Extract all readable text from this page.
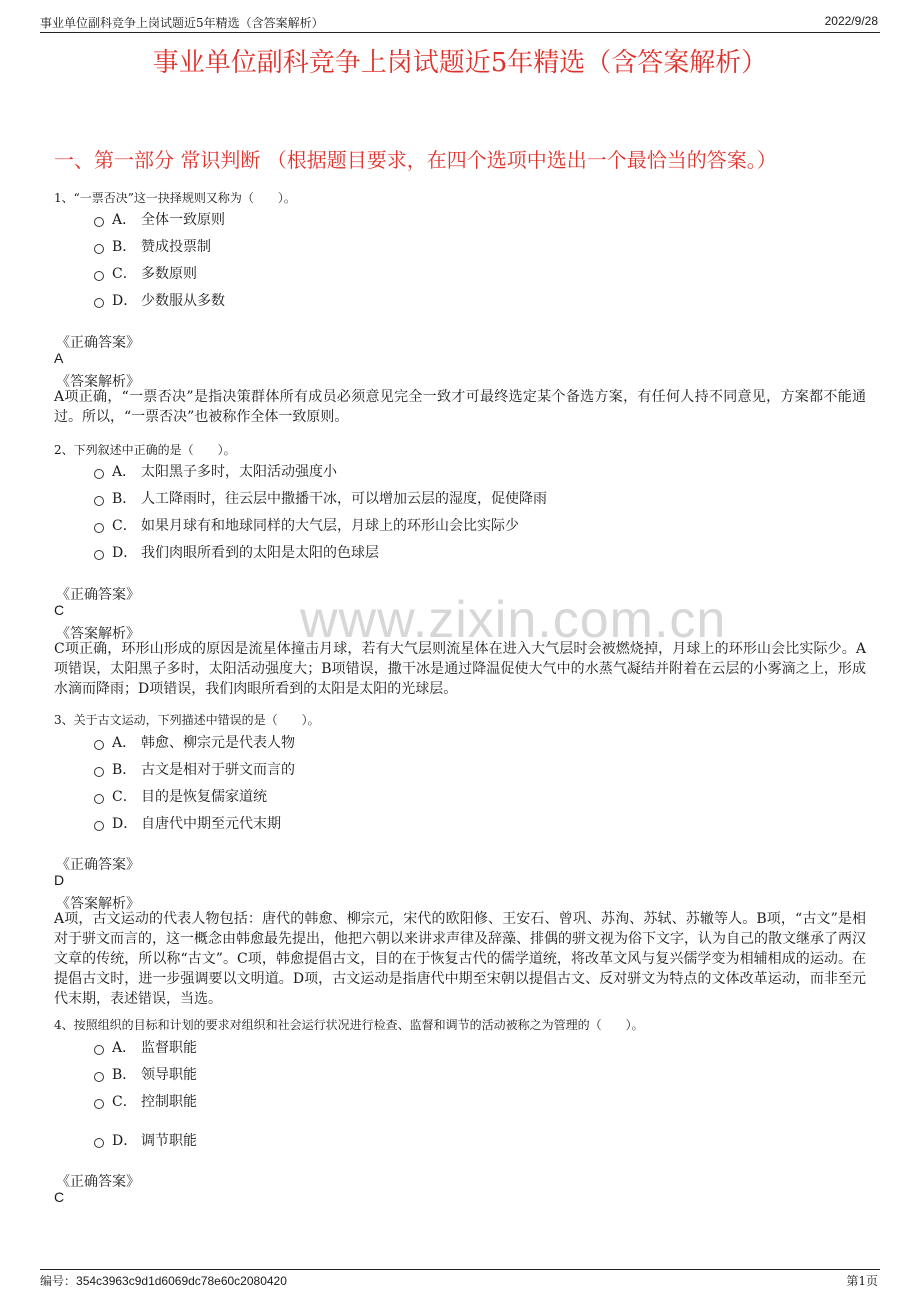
事业单位副科竞争上岗试题近5年精选（含答案解析）	2022/9/28
www.zixin.com.cn
事业单位副科竞争上岗试题近5年精选（含答案解析）
一、第一部分 常识判断 （根据题目要求，在四个选项中选出一个最恰当的答案。）
1、“一票否决”这一抉择规则又称为（　　）。
A． 全体一致原则
B． 赞成投票制
C． 多数原则
D． 少数服从多数
《正确答案》
A
《答案解析》
A项正确，“一票否决”是指决策群体所有成员必须意见完全一致才可最终选定某个备选方案，有任何人持不同意见，方案都不能通过。所以，“一票否决”也被称作全体一致原则。
2、下列叙述中正确的是（　　）。
A． 太阳黑子多时，太阳活动强度小
B． 人工降雨时，往云层中撒播干冰，可以增加云层的湿度，促使降雨
C． 如果月球有和地球同样的大气层，月球上的环形山会比实际少
D． 我们肉眼所看到的太阳是太阳的色球层
《正确答案》
C
《答案解析》
C项正确，环形山形成的原因是流星体撞击月球，若有大气层则流星体在进入大气层时会被燃烧掉，月球上的环形山会比实际少。A项错误，太阳黑子多时，太阳活动强度大；B项错误，撒干冰是通过降温促使大气中的水蒸气凝结并附着在云层的小雾滴之上，形成水滴而降雨；D项错误，我们肉眼所看到的太阳是太阳的光球层。
3、关于古文运动，下列描述中错误的是（　　）。
A． 韩愈、柳宗元是代表人物
B． 古文是相对于骈文而言的
C． 目的是恢复儒家道统
D． 自唐代中期至元代末期
《正确答案》
D
《答案解析》
A项，古文运动的代表人物包括：唐代的韩愈、柳宗元，宋代的欧阳修、王安石、曾巩、苏洵、苏轼、苏辙等人。B项，“古文”是相对于骈文而言的，这一概念由韩愈最先提出，他把六朝以来讲求声律及辞藻、排偶的骈文视为俗下文字，认为自己的散文继承了两汉文章的传统，所以称“古文”。C项，韩愈提倡古文，目的在于恢复古代的儒学道统，将改革文风与复兴儒学变为相辅相成的运动。在提倡古文时，进一步强调要以文明道。D项，古文运动是指唐代中期至宋朝以提倡古文、反对骈文为特点的文体改革运动，而非至元代末期，表述错误，当选。
4、按照组织的目标和计划的要求对组织和社会运行状况进行检查、监督和调节的活动被称之为管理的（　　）。
A． 监督职能
B． 领导职能
C． 控制职能
D． 调节职能
《正确答案》
C
编号：354c3963c9d1d6069dc78e60c2080420	第1页
